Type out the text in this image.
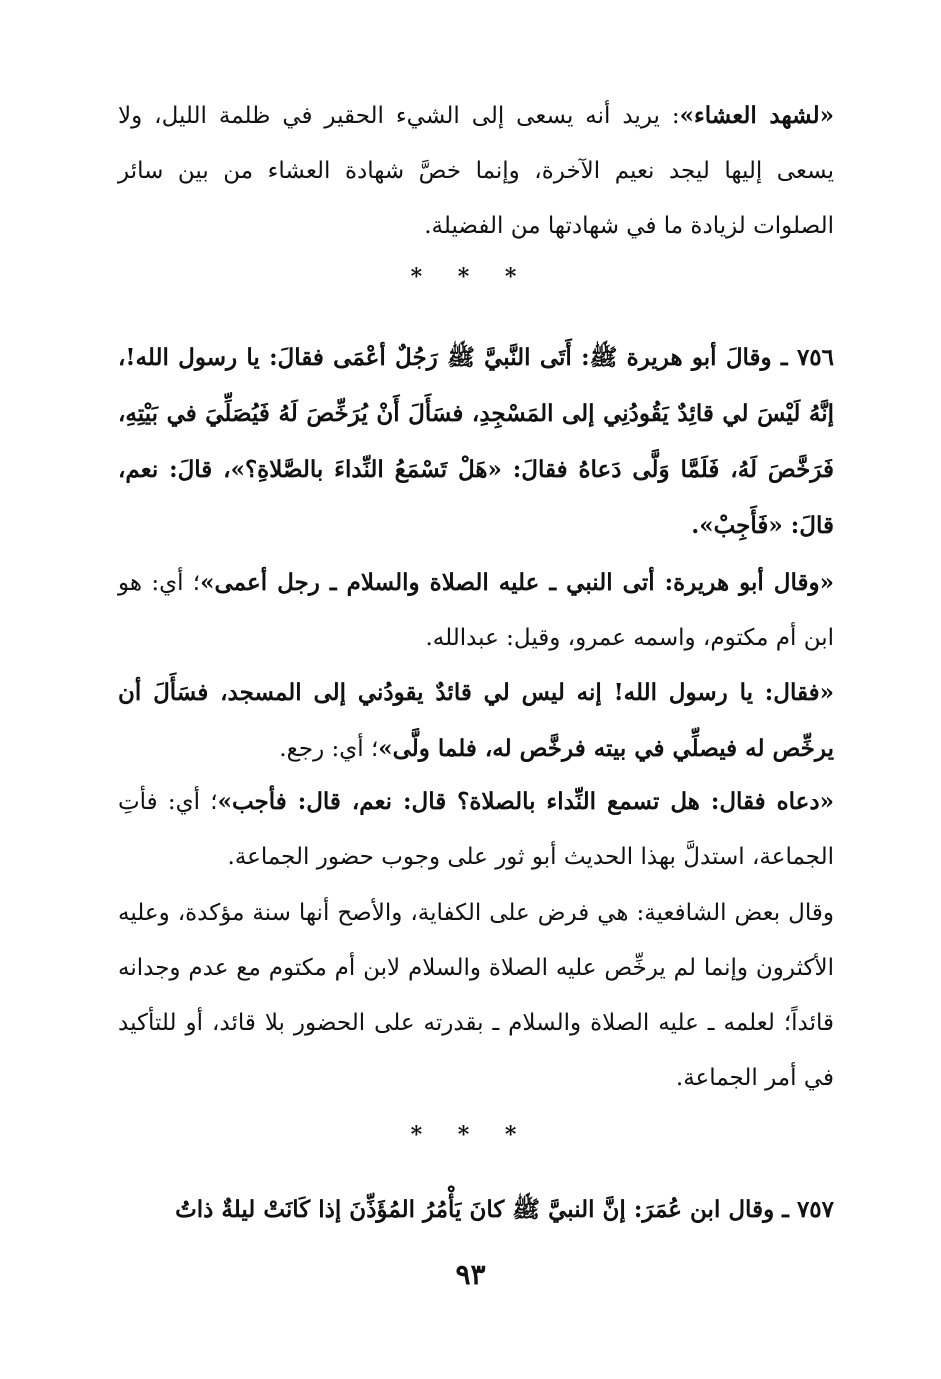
«لشهد العشاء»: يريد أنه يسعى إلى الشيء الحقير في ظلمة الليل، ولا يسعى إليها ليجد نعيم الآخرة، وإنما خصَّ شهادة العشاء من بين سائر الصلوات لزيادة ما في شهادتها من الفضيلة.

* * *

٧٥٦ ـ وقالَ أبو هريرة ﷺ: أَتَى النَّبيَّ ﷺ رَجُلٌ أعْمَى فقالَ: يا رسول الله!، إنَّهُ لَيْسَ لي قائِدٌ يَقُودُنِي إلى المَسْجِدِ، فسَأَلَ أَنْ يُرَخِّصَ لَهُ فَيُصَلِّيَ في بَيْتِهِ، فَرَخَّصَ لَهُ، فَلَمَّا وَلَّى دَعاهُ فقالَ: «هَلْ تَسْمَعُ النِّداءَ بالصَّلاةِ؟»، قالَ: نعم، قالَ: «فَأَجِبْ».

«وقال أبو هريرة: أتى النبي ـ عليه الصلاة والسلام ـ رجل أعمى»؛ أي: هو ابن أم مكتوم، واسمه عمرو، وقيل: عبدالله.

«فقال: يا رسول الله! إنه ليس لي قائدٌ يقودُني إلى المسجد، فسَأَلَ أن يرخِّص له فيصلِّي في بيته فرخَّص له، فلما ولَّى»؛ أي: رجع.

«دعاه فقال: هل تسمع النِّداء بالصلاة؟ قال: نعم، قال: فأجب»؛ أي: فأتِ الجماعة، استدلَّ بهذا الحديث أبو ثور على وجوب حضور الجماعة.

وقال بعض الشافعية: هي فرض على الكفاية، والأصح أنها سنة مؤكدة، وعليه الأكثرون وإنما لم يرخِّص عليه الصلاة والسلام لابن أم مكتوم مع عدم وجدانه قائداً؛ لعلمه ـ عليه الصلاة والسلام ـ بقدرته على الحضور بلا قائد، أو للتأكيد في أمر الجماعة.

* * *

٧٥٧ ـ وقال ابن عُمَرَ: إنَّ النبيَّ ﷺ كانَ يَأْمُرُ المُؤَذِّنَ إذا كَانَتْ ليلةٌ ذاتُ

٩٣
